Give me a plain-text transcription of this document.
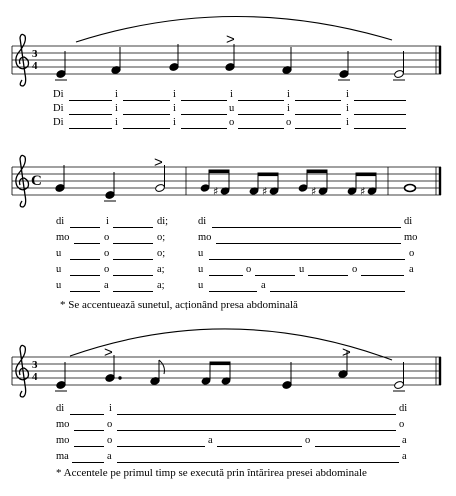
3
4
C
3
4
>
>
>	>
♯	♯	♯	♯
Di	i	i	i	i	i
Di	i	i	u	i	i
Di	i	i	o	o	i
di	i	di;
mo	o	o;
u	o	o;
u	o	a;
u	a	a;
di	di
mo	mo
u	o
u	o	u	o	a
u	a
* Se accentuează sunetul, acționând presa abdominală
di	i	di
mo	o	o
mo	o	a	o	a
ma	a	a
* Accentele pe primul timp se execută prin întărirea presei abdominale
